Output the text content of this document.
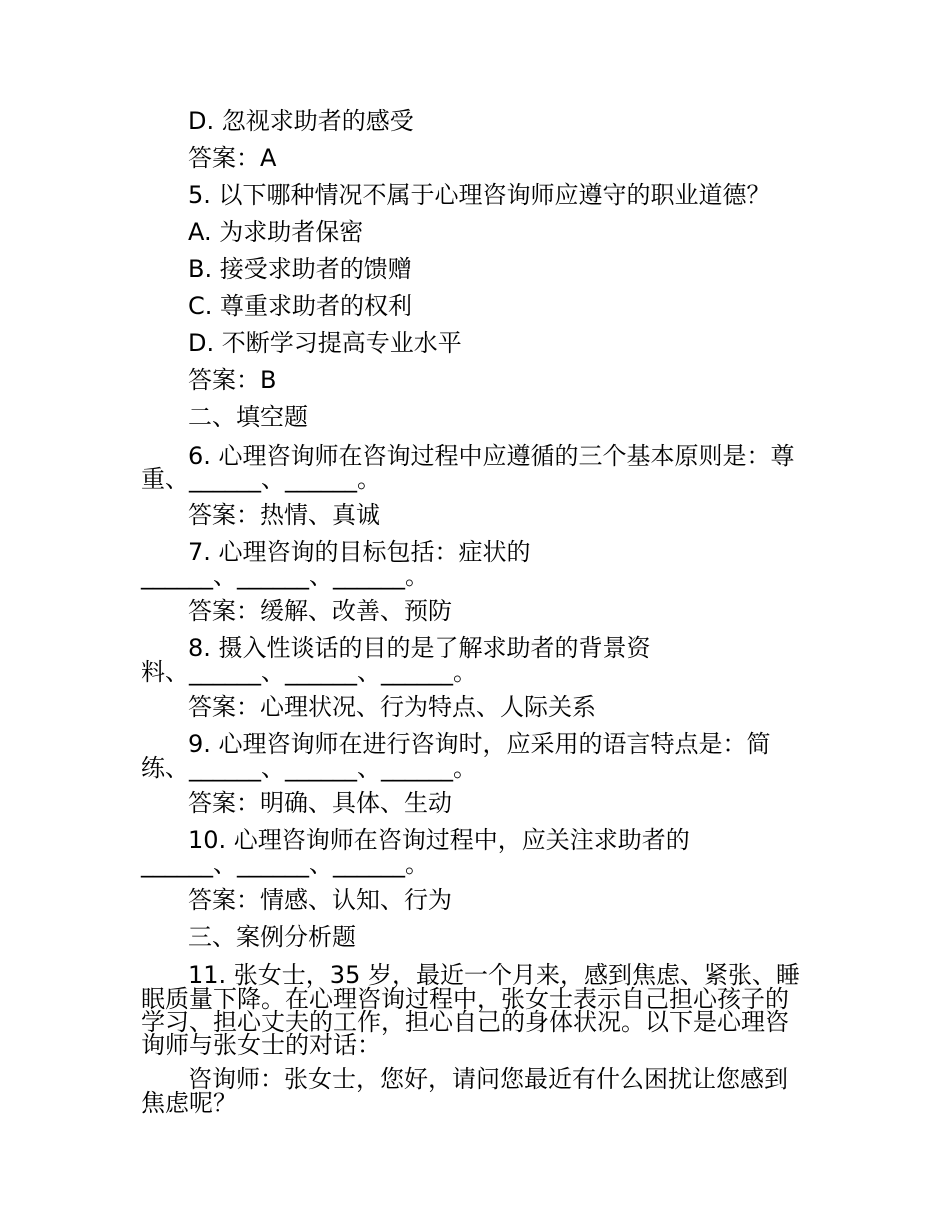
D. 忽视求助者的感受
答案：A
5. 以下哪种情况不属于心理咨询师应遵守的职业道德？
A. 为求助者保密
B. 接受求助者的馈赠
C. 尊重求助者的权利
D. 不断学习提高专业水平
答案：B
二、填空题
6. 心理咨询师在咨询过程中应遵循的三个基本原则是：尊
重、______、______。
答案：热情、真诚
7. 心理咨询的目标包括：症状的
______、______、______。
答案：缓解、改善、预防
8. 摄入性谈话的目的是了解求助者的背景资
料、______、______、______。
答案：心理状况、行为特点、人际关系
9. 心理咨询师在进行咨询时，应采用的语言特点是：简
练、______、______、______。
答案：明确、具体、生动
10. 心理咨询师在咨询过程中，应关注求助者的
______、______、______。
答案：情感、认知、行为
三、案例分析题
11. 张女士，35 岁，最近一个月来，感到焦虑、紧张、睡
眠质量下降。在心理咨询过程中，张女士表示自己担心孩子的
学习、担心丈夫的工作，担心自己的身体状况。以下是心理咨
询师与张女士的对话：
咨询师：张女士，您好，请问您最近有什么困扰让您感到
焦虑呢？
